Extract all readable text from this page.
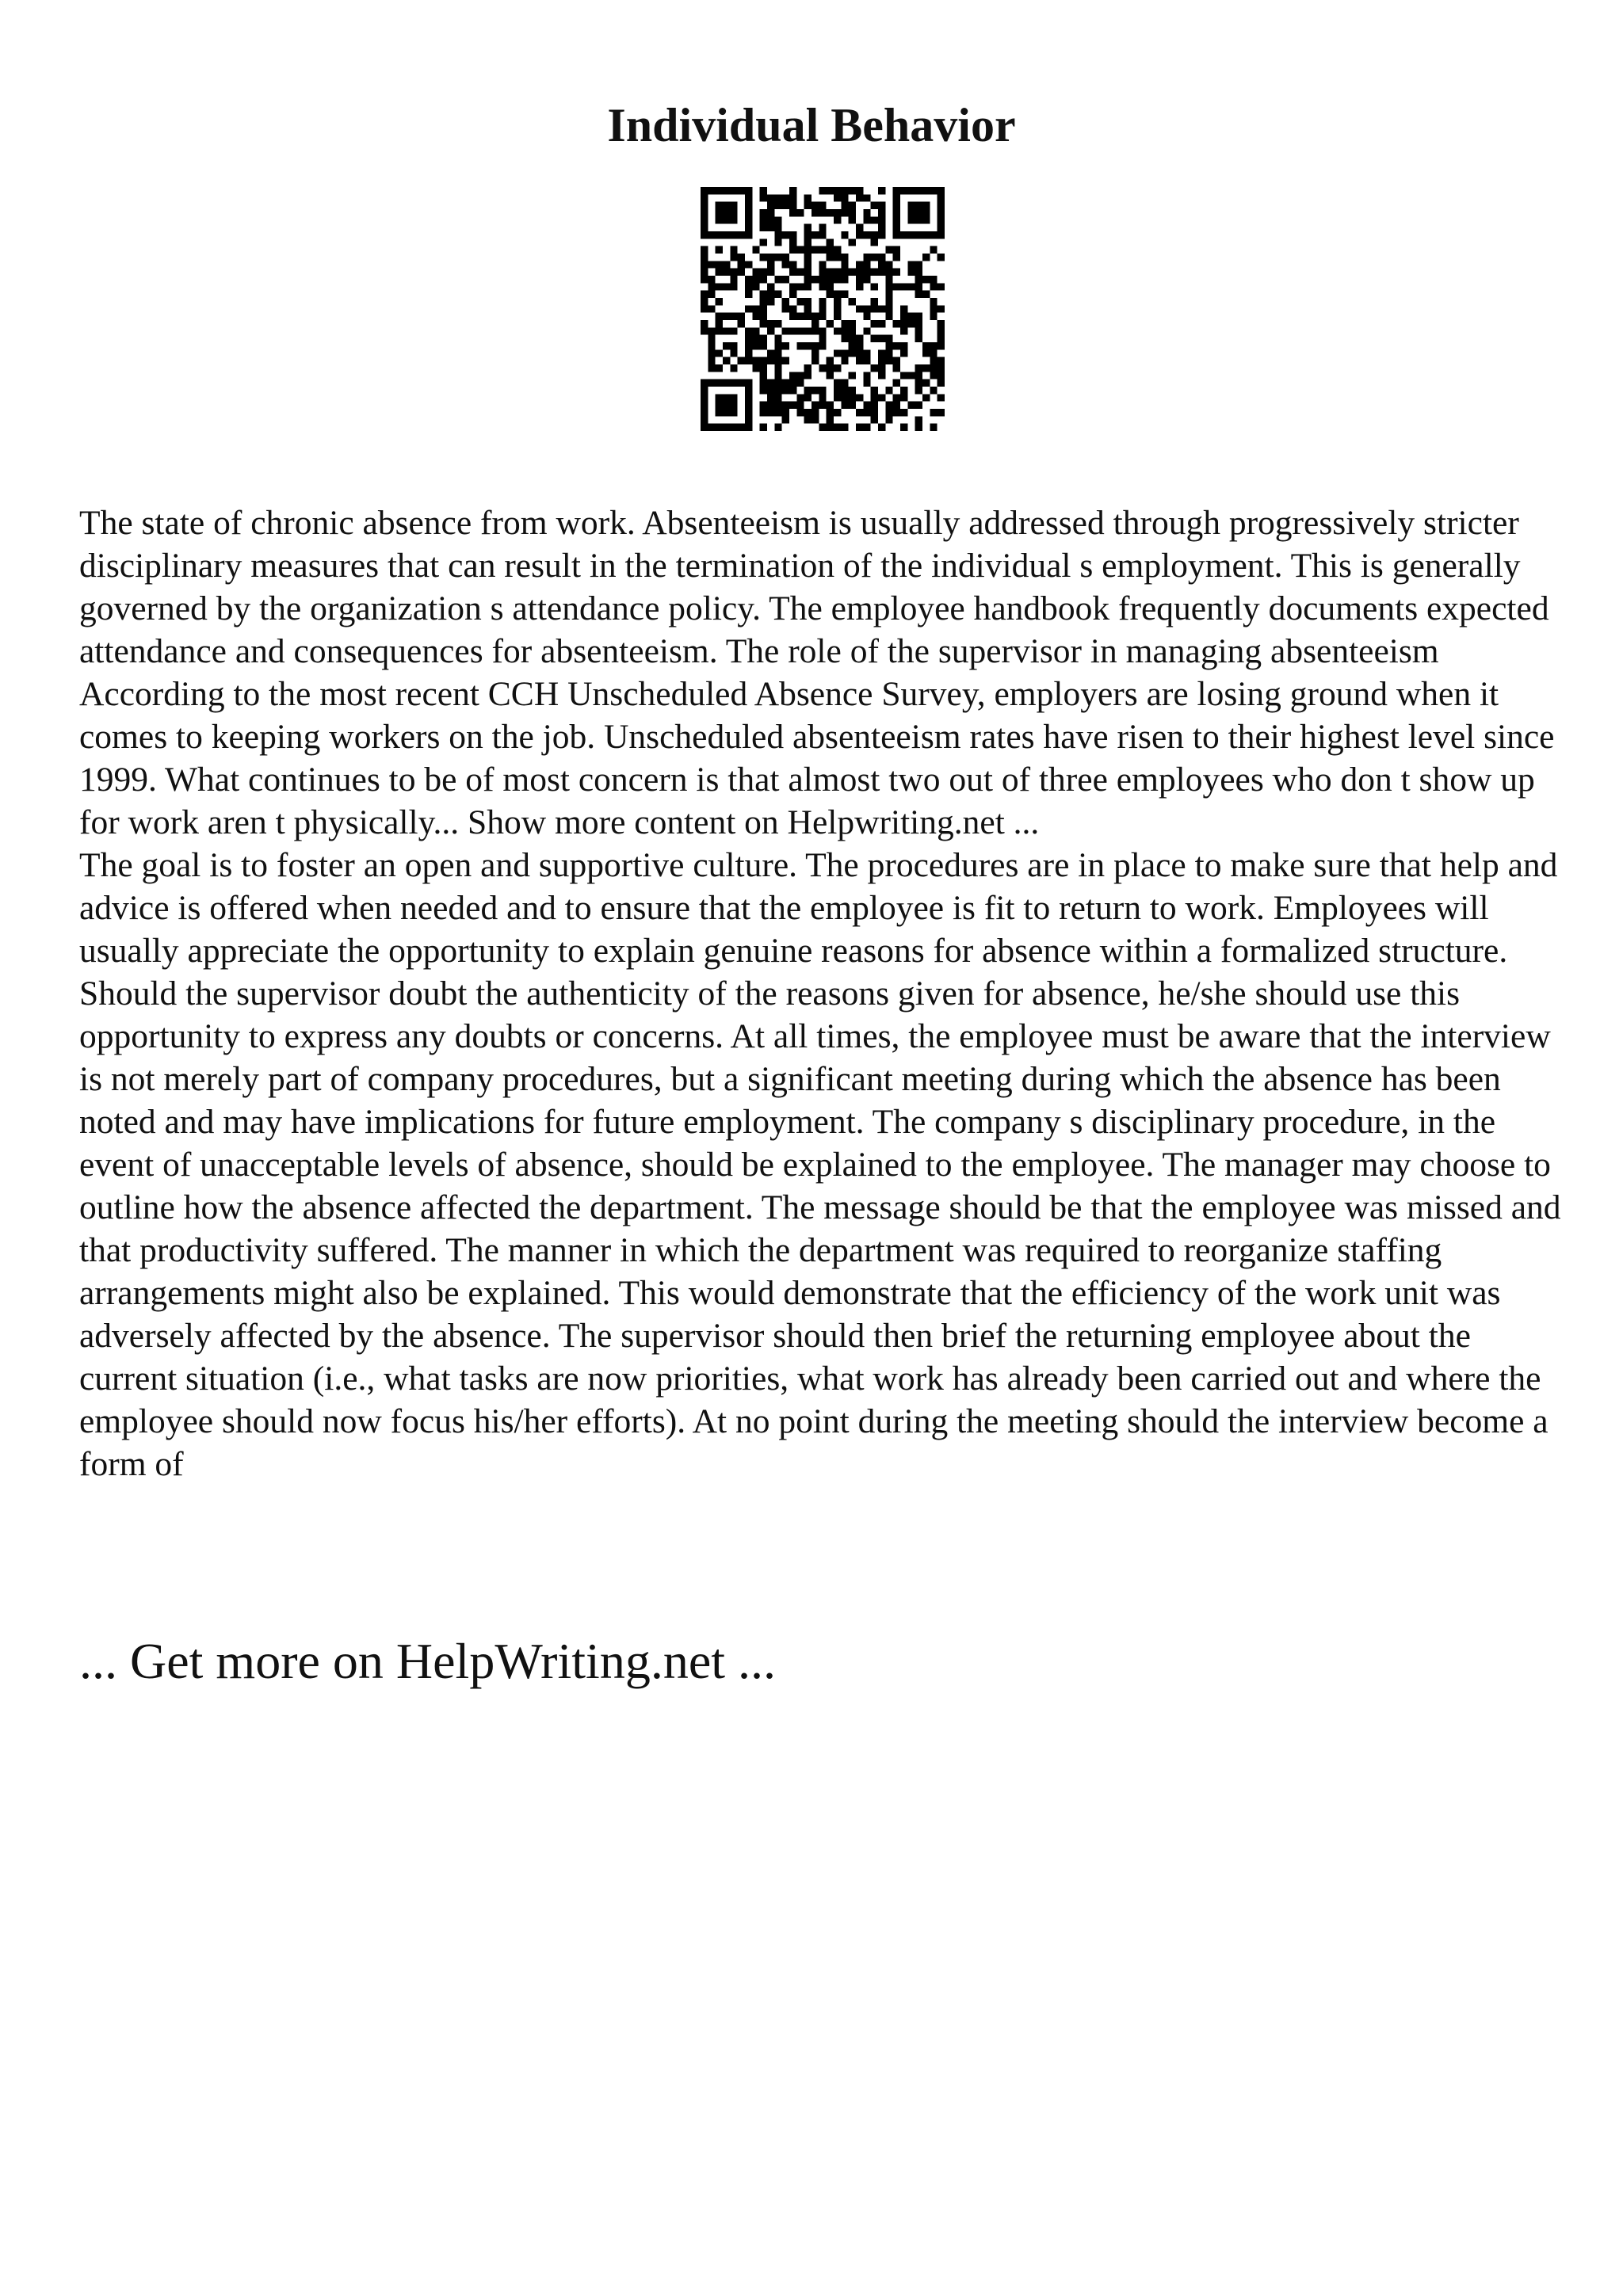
Individual Behavior

The state of chronic absence from work. Absenteeism is usually addressed through progressively stricter disciplinary measures that can result in the termination of the individual s employment. This is generally governed by the organization s attendance policy. The employee handbook frequently documents expected attendance and consequences for absenteeism. The role of the supervisor in managing absenteeism According to the most recent CCH Unscheduled Absence Survey, employers are losing ground when it comes to keeping workers on the job. Unscheduled absenteeism rates have risen to their highest level since 1999. What continues to be of most concern is that almost two out of three employees who don t show up for work aren t physically... Show more content on Helpwriting.net ...

The goal is to foster an open and supportive culture. The procedures are in place to make sure that help and advice is offered when needed and to ensure that the employee is fit to return to work. Employees will usually appreciate the opportunity to explain genuine reasons for absence within a formalized structure. Should the supervisor doubt the authenticity of the reasons given for absence, he/she should use this opportunity to express any doubts or concerns. At all times, the employee must be aware that the interview is not merely part of company procedures, but a significant meeting during which the absence has been noted and may have implications for future employment. The company s disciplinary procedure, in the event of unacceptable levels of absence, should be explained to the employee. The manager may choose to outline how the absence affected the department. The message should be that the employee was missed and that productivity suffered. The manner in which the department was required to reorganize staffing arrangements might also be explained. This would demonstrate that the efficiency of the work unit was adversely affected by the absence. The supervisor should then brief the returning employee about the current situation (i.e., what tasks are now priorities, what work has already been carried out and where the employee should now focus his/her efforts). At no point during the meeting should the interview become a form of

... Get more on HelpWriting.net ...
